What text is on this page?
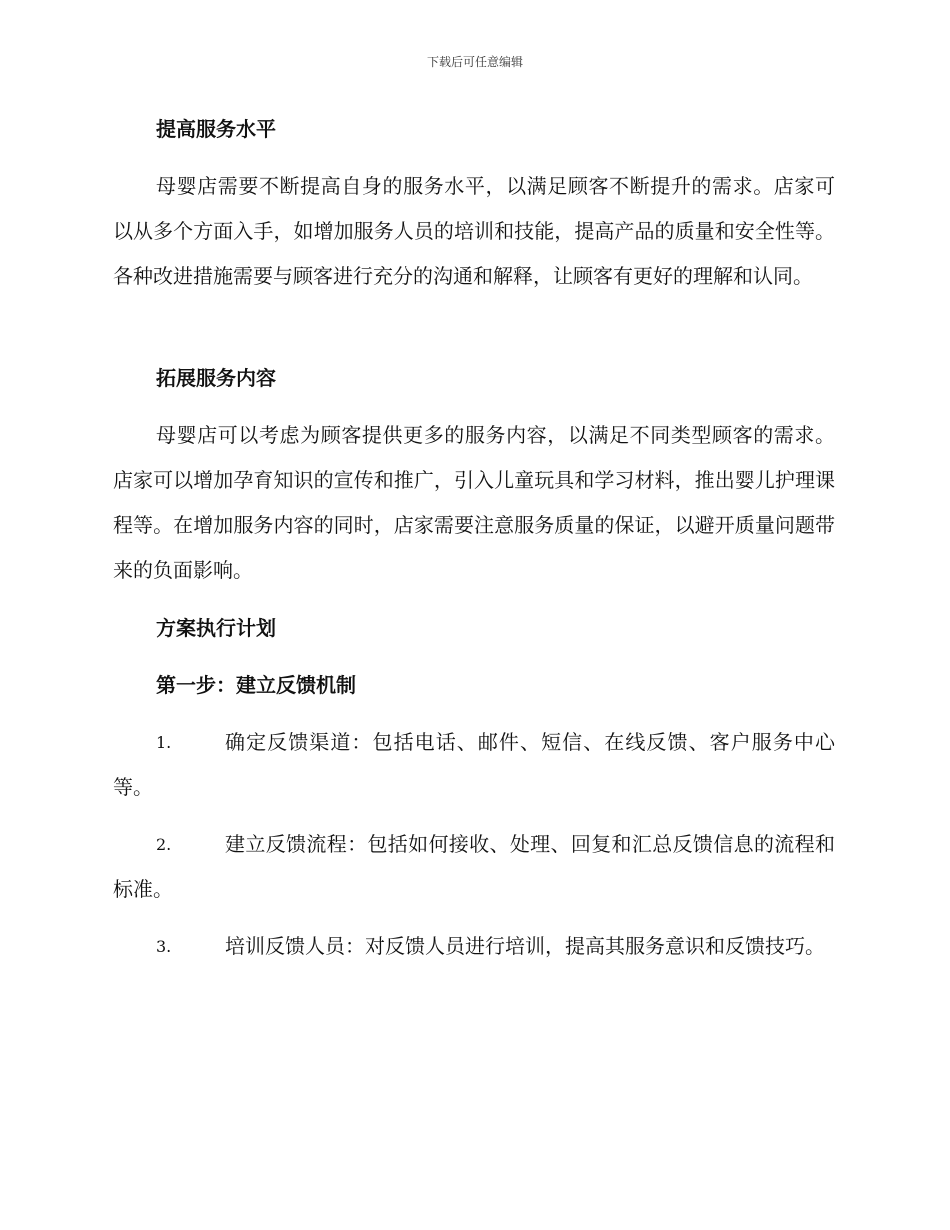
下载后可任意编辑
提高服务水平
母婴店需要不断提高自身的服务水平，以满足顾客不断提升的需求。店家可以从多个方面入手，如增加服务人员的培训和技能，提高产品的质量和安全性等。各种改进措施需要与顾客进行充分的沟通和解释，让顾客有更好的理解和认同。
拓展服务内容
母婴店可以考虑为顾客提供更多的服务内容，以满足不同类型顾客的需求。店家可以增加孕育知识的宣传和推广，引入儿童玩具和学习材料，推出婴儿护理课程等。在增加服务内容的同时，店家需要注意服务质量的保证，以避开质量问题带来的负面影响。
方案执行计划
第一步：建立反馈机制
1.	确定反馈渠道：包括电话、邮件、短信、在线反馈、客户服务中心等。
2.	建立反馈流程：包括如何接收、处理、回复和汇总反馈信息的流程和标准。
3.	培训反馈人员：对反馈人员进行培训，提高其服务意识和反馈技巧。
